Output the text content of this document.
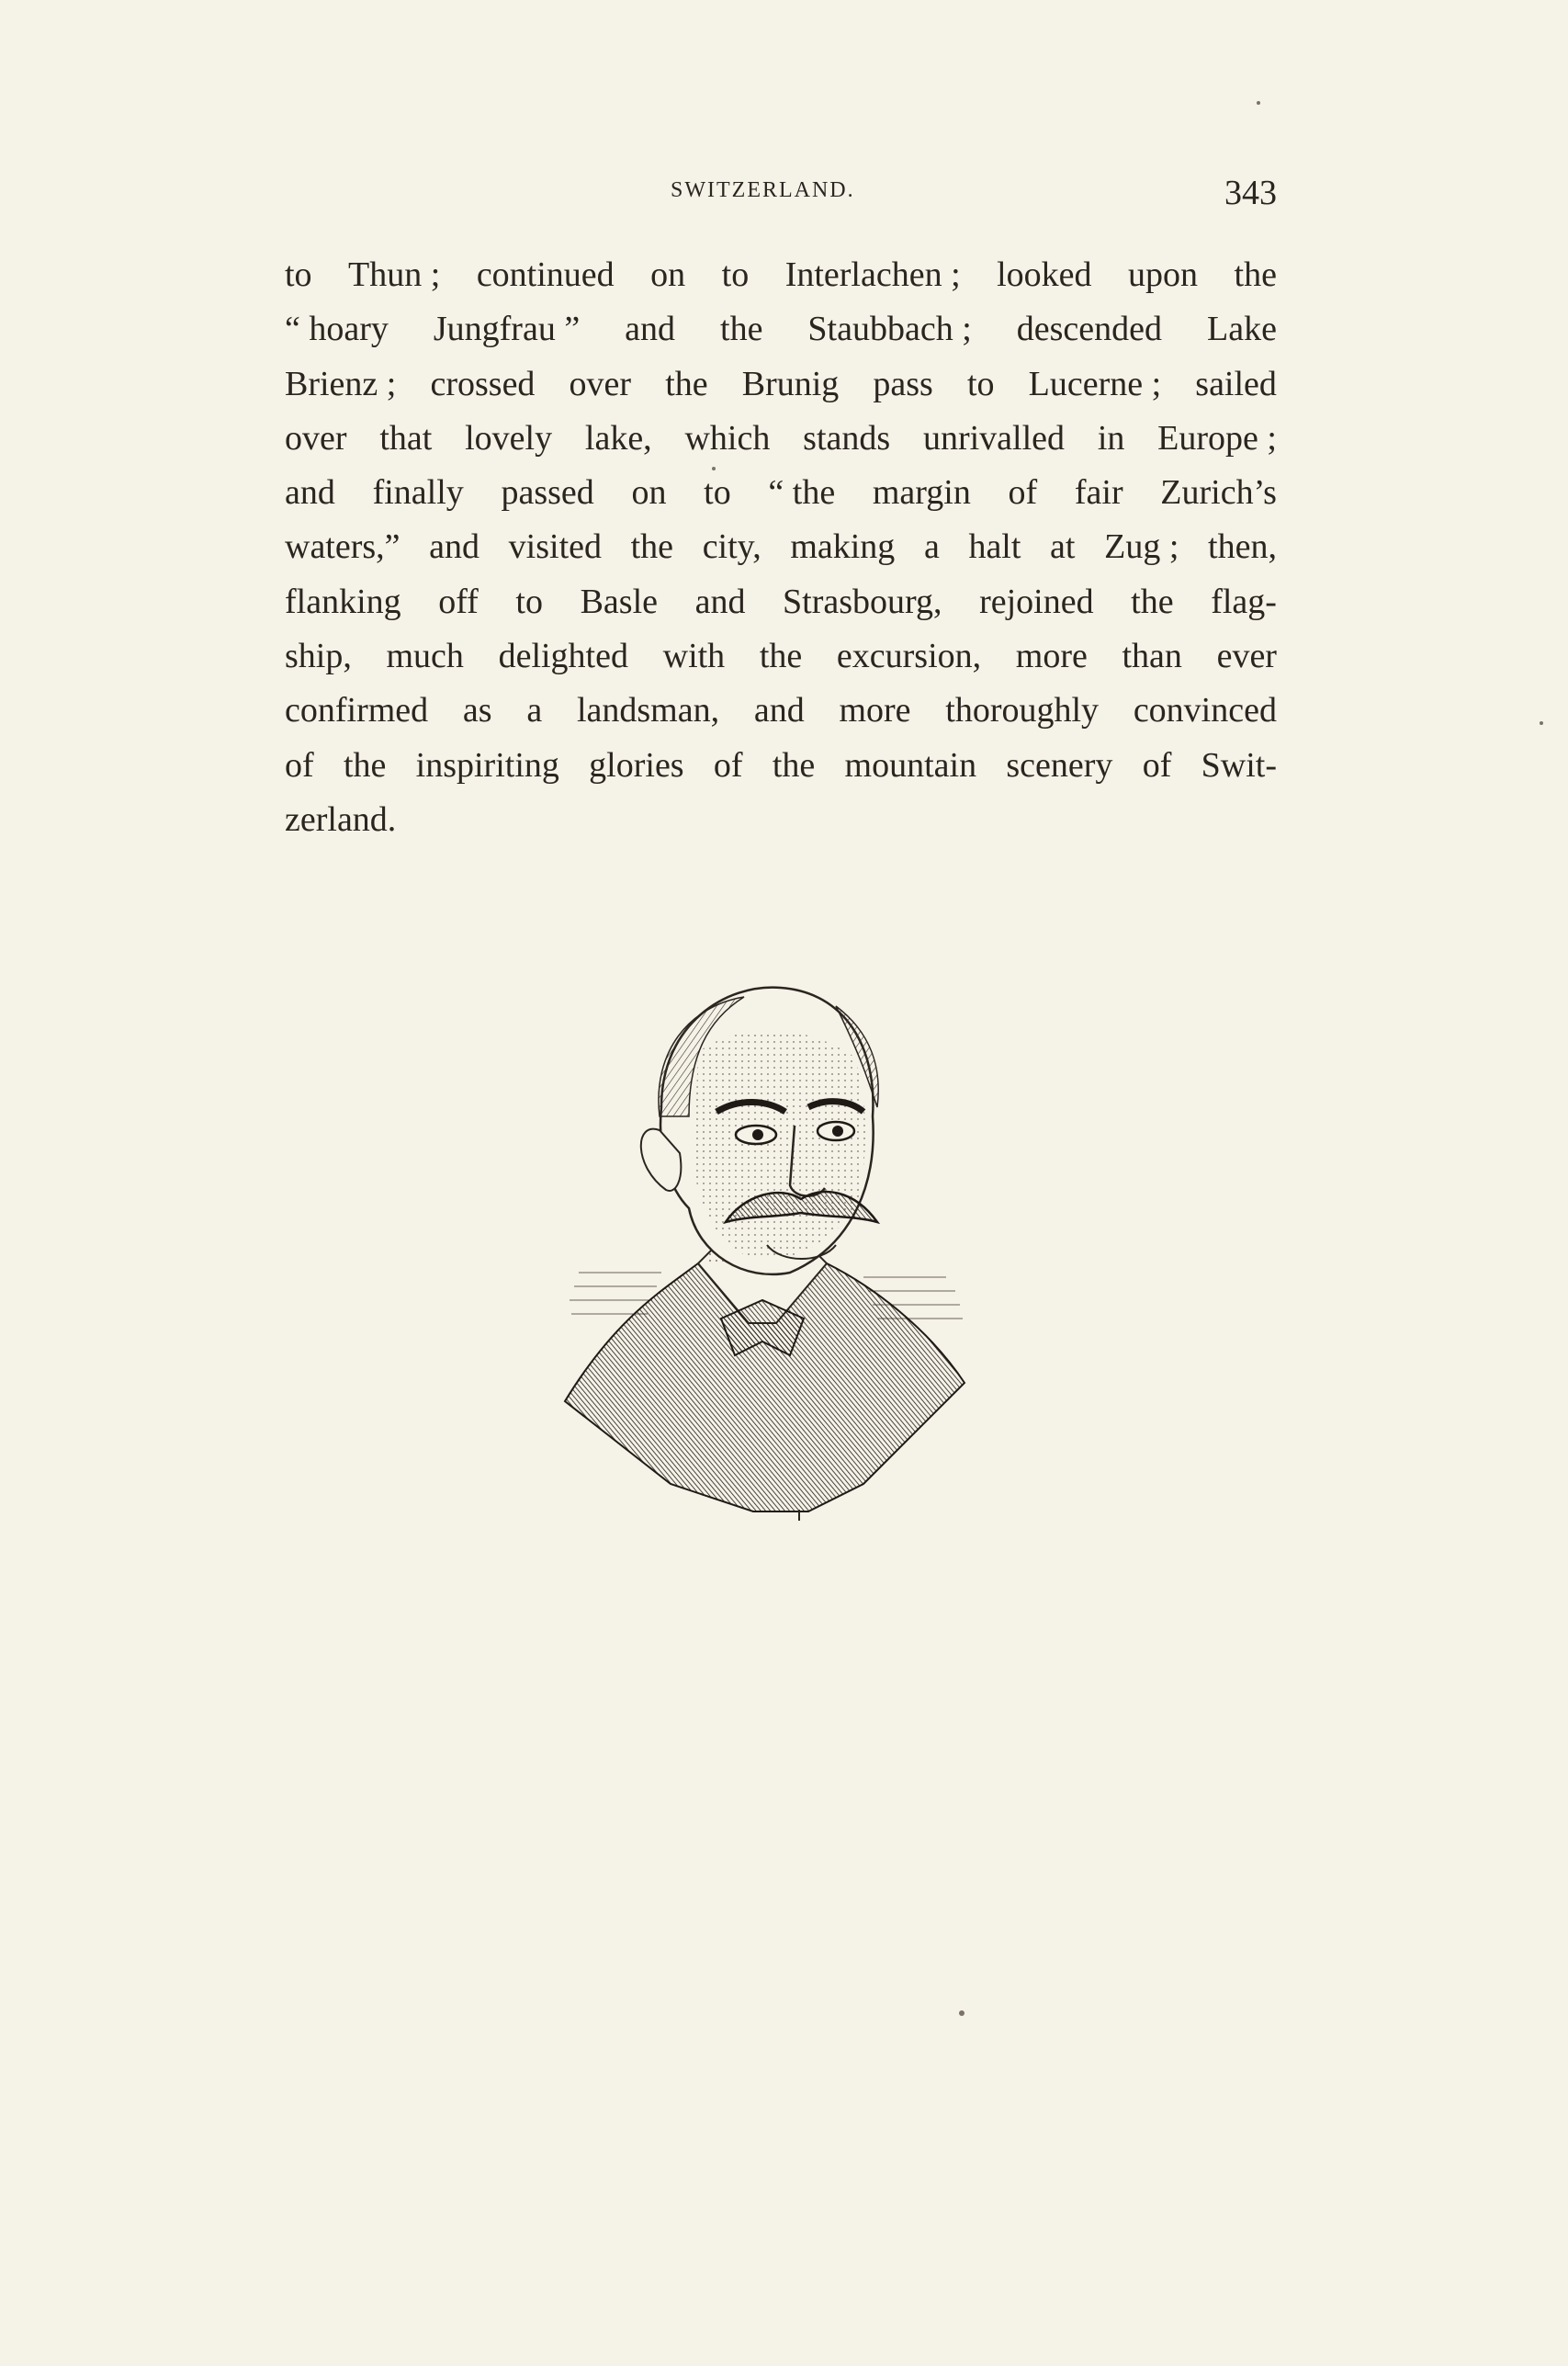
SWITZERLAND.	343
to Thun ; continued on to Interlachen ; looked upon the
“ hoary Jungfrau ” and the Staubbach ; descended Lake
Brienz ; crossed over the Brunig pass to Lucerne ; sailed
over that lovely lake, which stands unrivalled in Europe ;
and finally passed on to “ the margin of fair Zurich’s
waters,” and visited the city, making a halt at Zug ; then,
flanking off to Basle and Strasbourg, rejoined the flag-
ship, much delighted with the excursion, more than ever
confirmed as a landsman, and more thoroughly convinced
of the inspiriting glories of the mountain scenery of Swit-
zerland.
